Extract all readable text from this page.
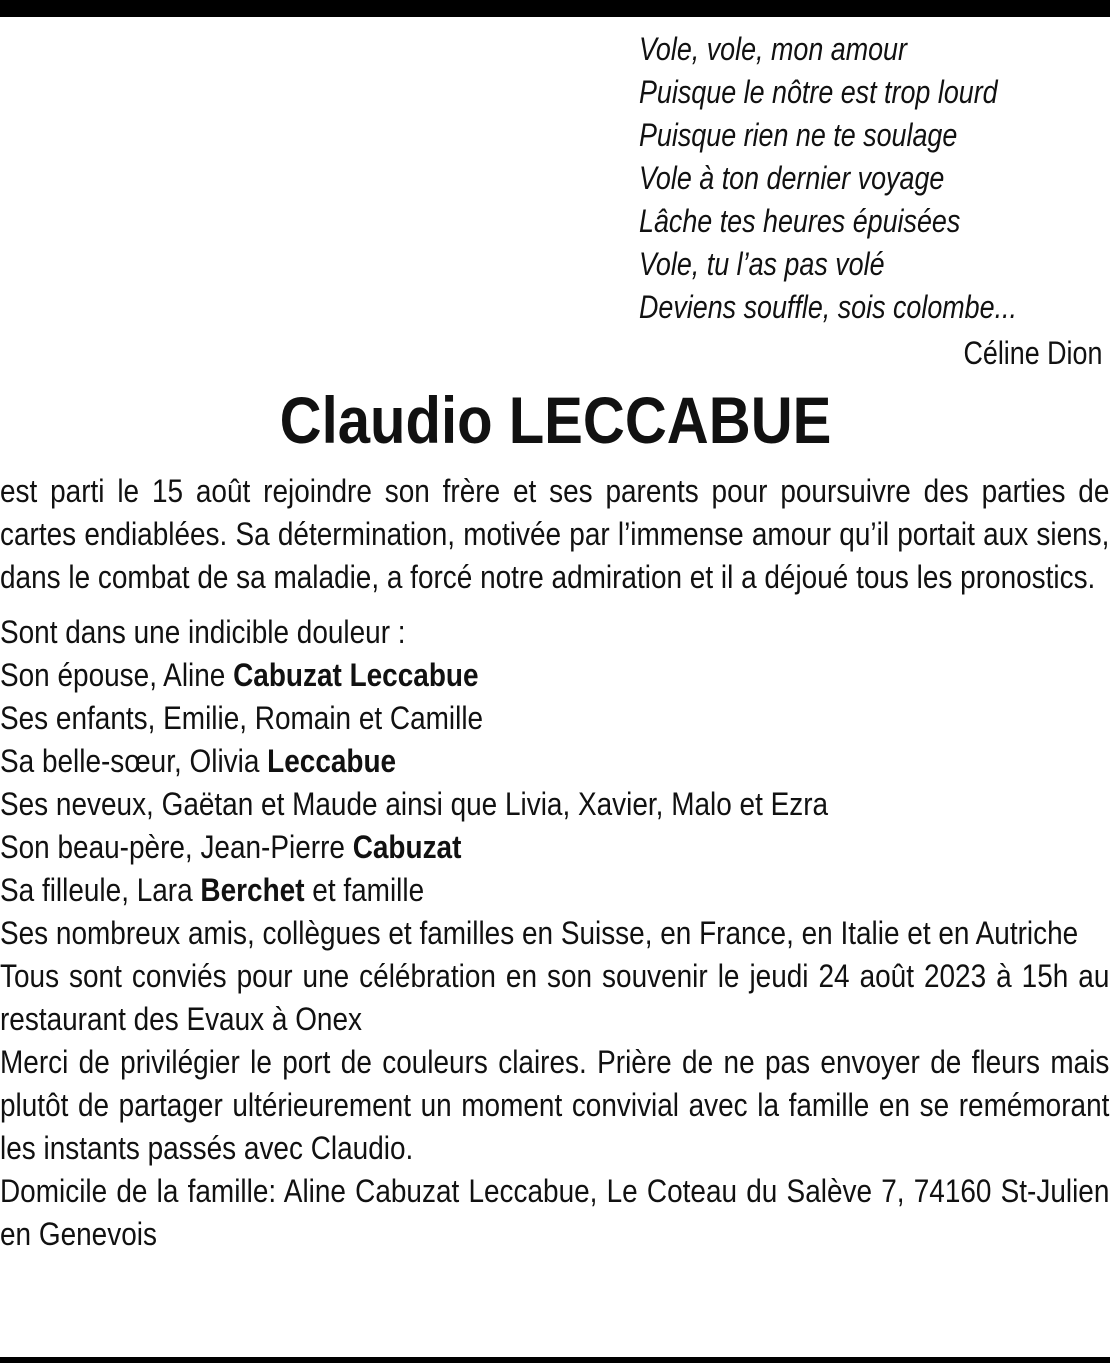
Vole, vole, mon amour
Puisque le nôtre est trop lourd
Puisque rien ne te soulage
Vole à ton dernier voyage
Lâche tes heures épuisées
Vole, tu l’as pas volé
Deviens souffle, sois colombe...
Céline Dion
Claudio LECCABUE

est parti le 15 août rejoindre son frère et ses parents pour poursuivre des parties de cartes endiablées. Sa détermination, motivée par l’immense amour qu’il portait aux siens, dans le combat de sa maladie, a forcé notre admiration et il a déjoué tous les pronostics.

Sont dans une indicible douleur :
Son épouse, Aline Cabuzat Leccabue
Ses enfants, Emilie, Romain et Camille
Sa belle-sœur, Olivia Leccabue
Ses neveux, Gaëtan et Maude ainsi que Livia, Xavier, Malo et Ezra
Son beau-père, Jean-Pierre Cabuzat
Sa filleule, Lara Berchet et famille

Ses nombreux amis, collègues et familles en Suisse, en France, en Italie et en Autriche

Tous sont conviés pour une célébration en son souvenir le jeudi 24 août 2023 à 15h au restaurant des Evaux à Onex

Merci de privilégier le port de couleurs claires. Prière de ne pas envoyer de fleurs mais plutôt de partager ultérieurement un moment convivial avec la famille en se remémorant les instants passés avec Claudio.

Domicile de la famille: Aline Cabuzat Leccabue, Le Coteau du Salève 7, 74160 St-Julien en Genevois
